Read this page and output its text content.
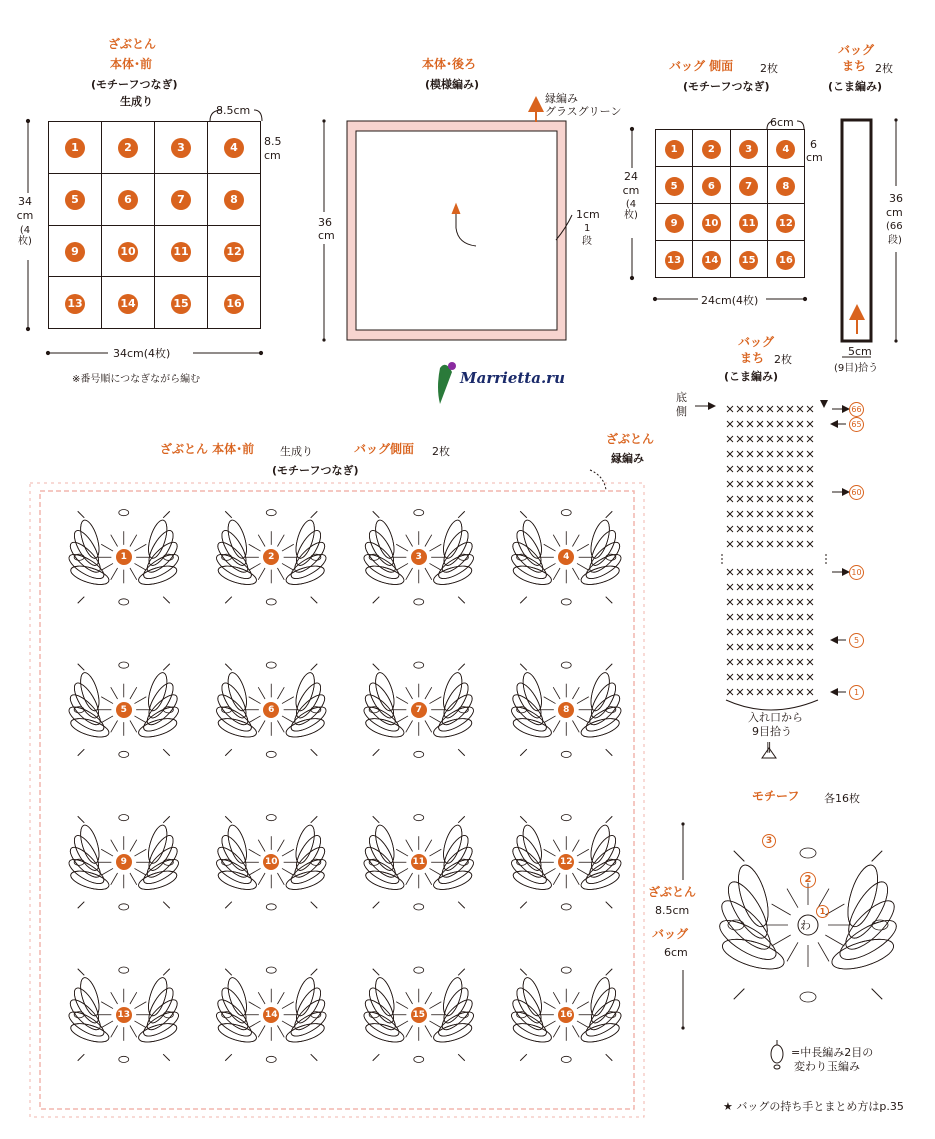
ざぶとん
本体･前
(モチーフつなぎ)
生成り
1	2	3	4
5	6	7	8
9	10	11	12
13	14	15	16
8.5cm
8.5
cm
34
cm
(4枚)
34cm(4枚)
※番号順につなぎながら編む
本体･後ろ
(模様編み)
縁編み
グラスグリーン
36
cm
1cm
1
段
バッグ 側面 2枚
(モチーフつなぎ)
1	2	3	4
5	6	7	8
9	10	11	12
13	14	15	16
6cm
6
cm
24
cm
(4枚)
24cm(4枚)
バッグ
まち 2枚
(こま編み)
36
cm
(66
段)
5cm
(9目)拾う
Marrietta.ru
バッグ
まち 2枚
(こま編み)
底
側
入れ口から
9目拾う
‖
ざぶとん 本体･前 生成り	バッグ側面 2枚
(モチーフつなぎ)
ざぶとん
縁編み
モチーフ 各16枚
ざぶとん
8.5cm
バッグ
6cm
=中長編み2目の
変わり玉編み
★ バッグの持ち手とまとめ方はp.35
1	2	3	4
5	6	7	8
9	10	11	12
13	14	15	16
66
65
60
10
5
1
わ
2
1
3
